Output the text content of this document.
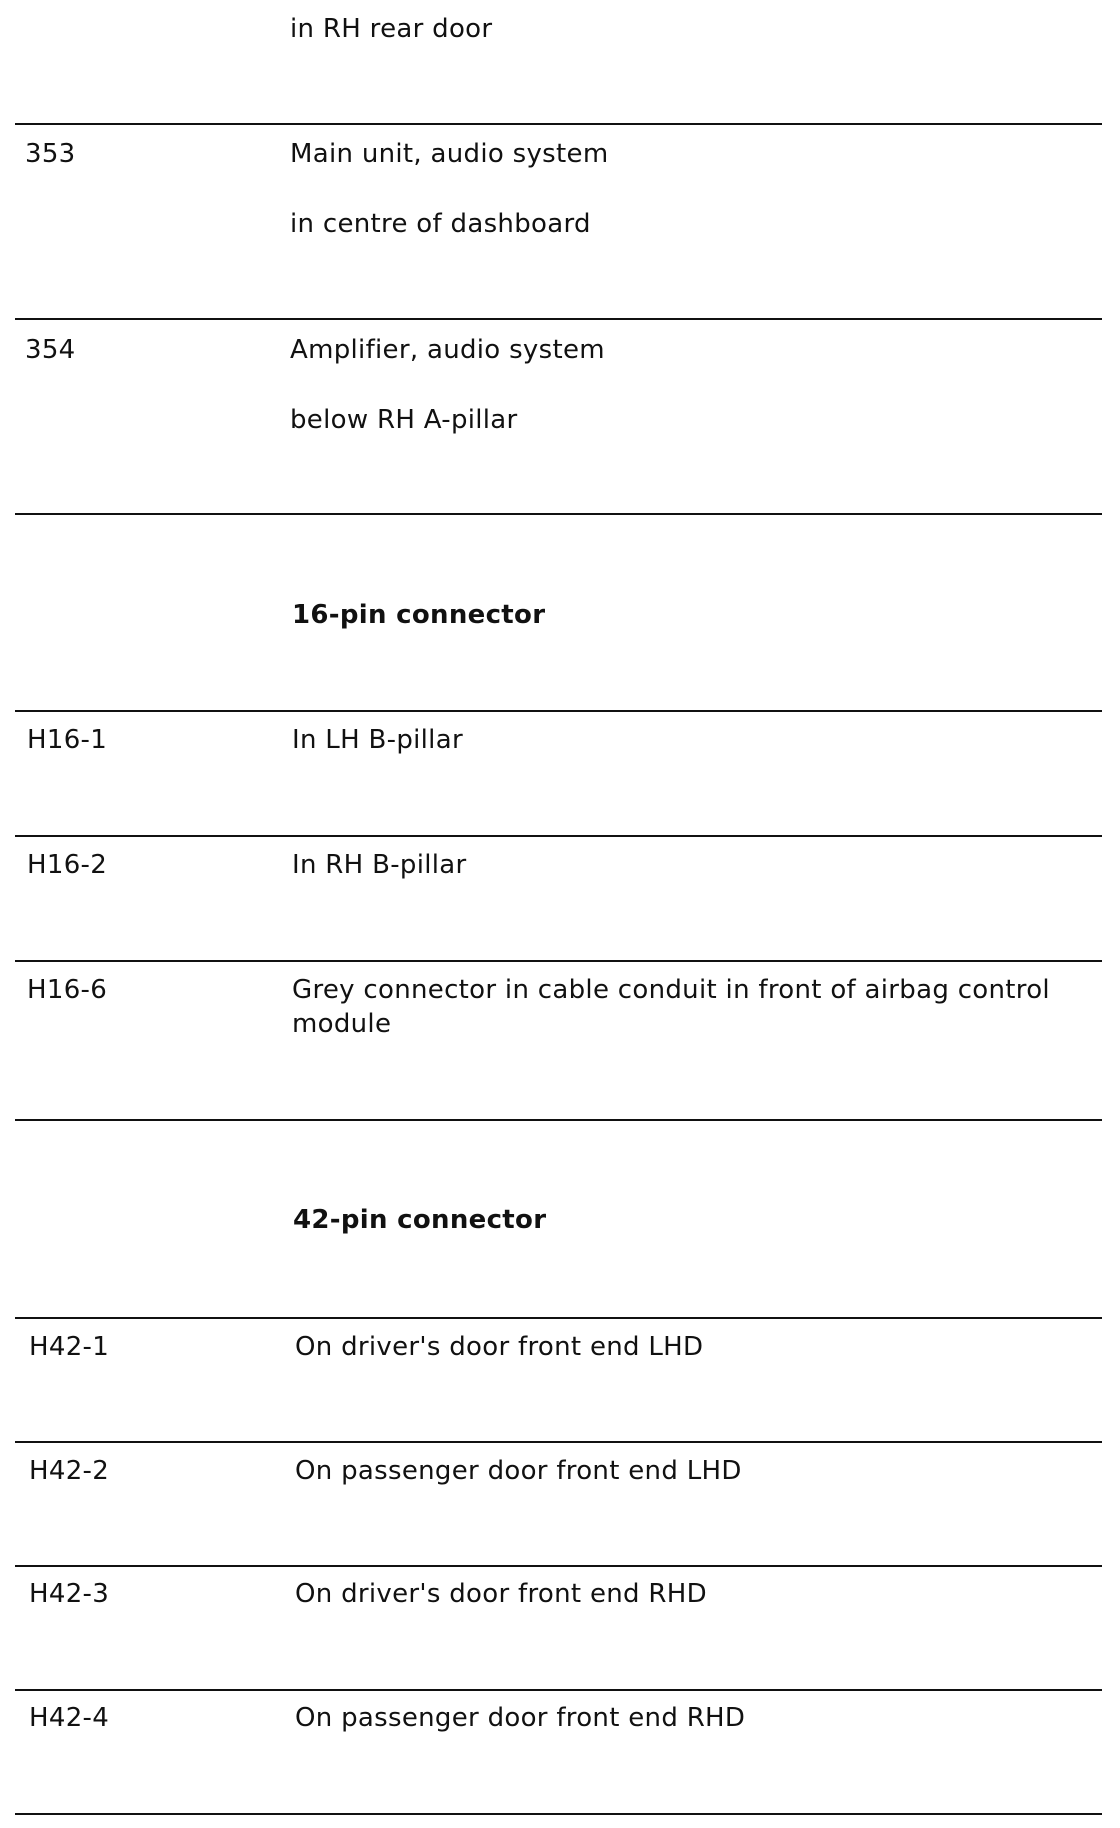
in RH rear door
353	Main unit, audio system
in centre of dashboard
354	Amplifier, audio system
below RH A-pillar
16-pin connector
H16-1	In LH B-pillar
H16-2	In RH B-pillar
H16-6	Grey connector in cable conduit in front of airbag control module
42-pin connector
H42-1	On driver's door front end LHD
H42-2	On passenger door front end LHD
H42-3	On driver's door front end RHD
H42-4	On passenger door front end RHD
